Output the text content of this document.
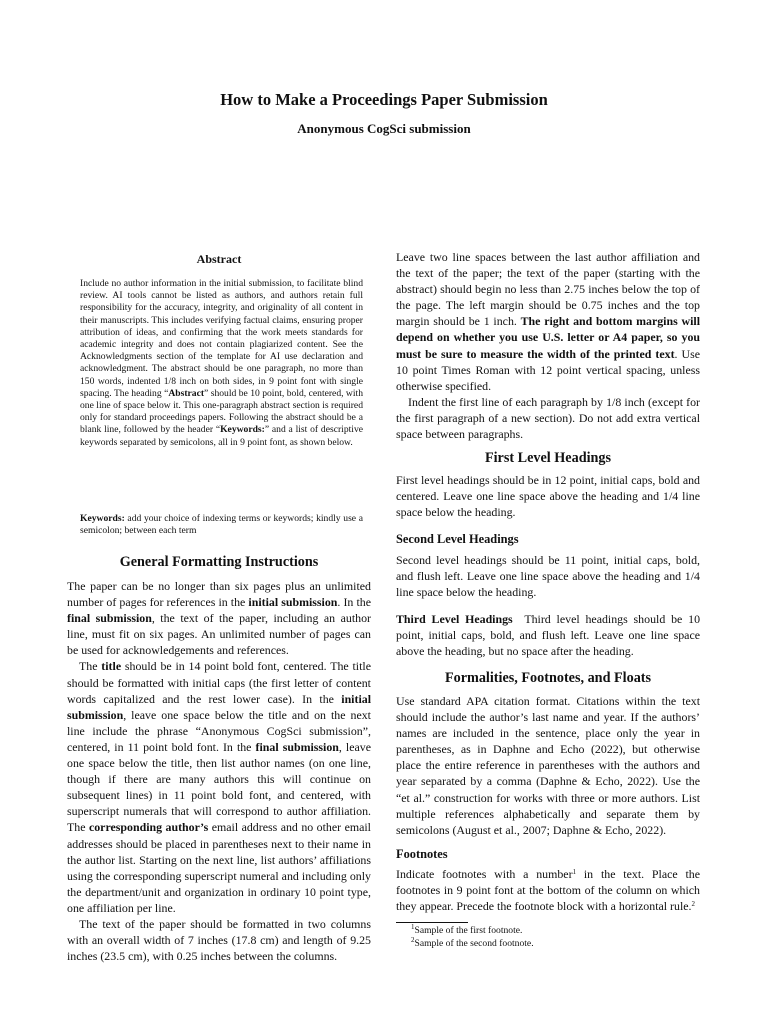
How to Make a Proceedings Paper Submission
Anonymous CogSci submission
Abstract
Include no author information in the initial submission, to facilitate blind review. AI tools cannot be listed as authors, and authors retain full responsibility for the accuracy, integrity, and originality of all content in their manuscripts. This includes verifying factual claims, ensuring proper attribution of ideas, and confirming that the work meets standards for academic integrity and does not contain plagiarized content. See the Acknowledgments section of the template for AI use declaration and acknowledgment. The abstract should be one paragraph, no more than 150 words, indented 1/8 inch on both sides, in 9 point font with single spacing. The heading “Abstract” should be 10 point, bold, centered, with one line of space below it. This one-paragraph abstract section is required only for standard proceedings papers. Following the abstract should be a blank line, followed by the header “Keywords:” and a list of descriptive keywords separated by semicolons, all in 9 point font, as shown below.
Keywords: add your choice of indexing terms or keywords; kindly use a semicolon; between each term
General Formatting Instructions

The paper can be no longer than six pages plus an unlimited number of pages for references in the initial submission. In the final submission, the text of the paper, including an author line, must fit on six pages. An unlimited number of pages can be used for acknowledgements and references.

The title should be in 14 point bold font, centered. The title should be formatted with initial caps (the first letter of content words capitalized and the rest lower case). In the initial submission, leave one space below the title and on the next line include the phrase “Anonymous CogSci submission”, centered, in 11 point bold font. In the final submission, leave one space below the title, then list author names (on one line, though if there are many authors this will continue on subsequent lines) in 11 point bold font, and centered, with superscript numerals that will correspond to author affiliation. The corresponding author’s email address and no other email addresses should be placed in parentheses next to their name in the author list. Starting on the next line, list authors’ affiliations using the corresponding superscript numeral and including only the department/unit and organization in ordinary 10 point type, one affiliation per line.

The text of the paper should be formatted in two columns with an overall width of 7 inches (17.8 cm) and length of 9.25 inches (23.5 cm), with 0.25 inches between the columns.

Leave two line spaces between the last author affiliation and the text of the paper; the text of the paper (starting with the abstract) should begin no less than 2.75 inches below the top of the page. The left margin should be 0.75 inches and the top margin should be 1 inch. The right and bottom margins will depend on whether you use U.S. letter or A4 paper, so you must be sure to measure the width of the printed text. Use 10 point Times Roman with 12 point vertical spacing, unless otherwise specified.

Indent the first line of each paragraph by 1/8 inch (except for the first paragraph of a new section). Do not add extra vertical space between paragraphs.

First Level Headings

First level headings should be in 12 point, initial caps, bold and centered. Leave one line space above the heading and 1/4 line space below the heading.

Second Level Headings

Second level headings should be 11 point, initial caps, bold, and flush left. Leave one line space above the heading and 1/4 line space below the heading.

Third Level Headings Third level headings should be 10 point, initial caps, bold, and flush left. Leave one line space above the heading, but no space after the heading.

Formalities, Footnotes, and Floats

Use standard APA citation format. Citations within the text should include the author’s last name and year. If the authors’ names are included in the sentence, place only the year in parentheses, as in Daphne and Echo (2022), but otherwise place the entire reference in parentheses with the authors and year separated by a comma (Daphne & Echo, 2022). Use the “et al.” construction for works with three or more authors. List multiple references alphabetically and separate them by semicolons (August et al., 2007; Daphne & Echo, 2022).

Footnotes

Indicate footnotes with a number$^1$ in the text. Place the footnotes in 9 point font at the bottom of the column on which they appear. Precede the footnote block with a horizontal rule.$^2$

$^1$Sample of the first footnote.
$^2$Sample of the second footnote.
